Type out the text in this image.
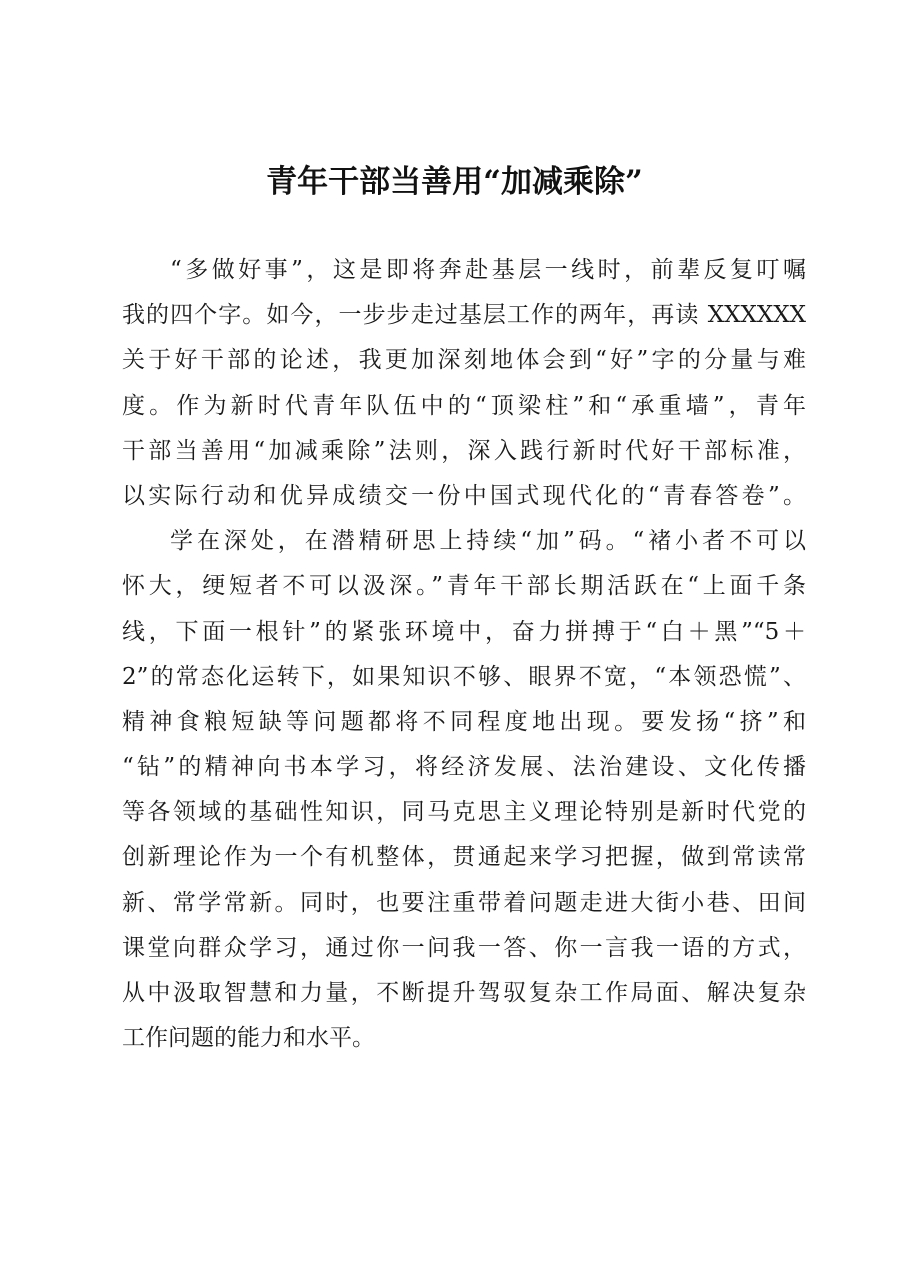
青年干部当善用“加减乘除”
“多做好事”，这是即将奔赴基层一线时，前辈反复叮嘱
我的四个字。如今，一步步走过基层工作的两年，再读 XXXXXX
关于好干部的论述，我更加深刻地体会到“好”字的分量与难
度。作为新时代青年队伍中的“顶梁柱”和“承重墙”，青年
干部当善用“加减乘除”法则，深入践行新时代好干部标准，
以实际行动和优异成绩交一份中国式现代化的“青春答卷”。
学在深处，在潜精研思上持续“加”码。“褚小者不可以
怀大，绠短者不可以汲深。”青年干部长期活跃在“上面千条
线，下面一根针”的紧张环境中，奋力拼搏于“白＋黑”“5＋
2”的常态化运转下，如果知识不够、眼界不宽，“本领恐慌”、
精神食粮短缺等问题都将不同程度地出现。要发扬“挤”和
“钻”的精神向书本学习，将经济发展、法治建设、文化传播
等各领域的基础性知识，同马克思主义理论特别是新时代党的
创新理论作为一个有机整体，贯通起来学习把握，做到常读常
新、常学常新。同时，也要注重带着问题走进大街小巷、田间
课堂向群众学习，通过你一问我一答、你一言我一语的方式，
从中汲取智慧和力量，不断提升驾驭复杂工作局面、解决复杂
工作问题的能力和水平。
